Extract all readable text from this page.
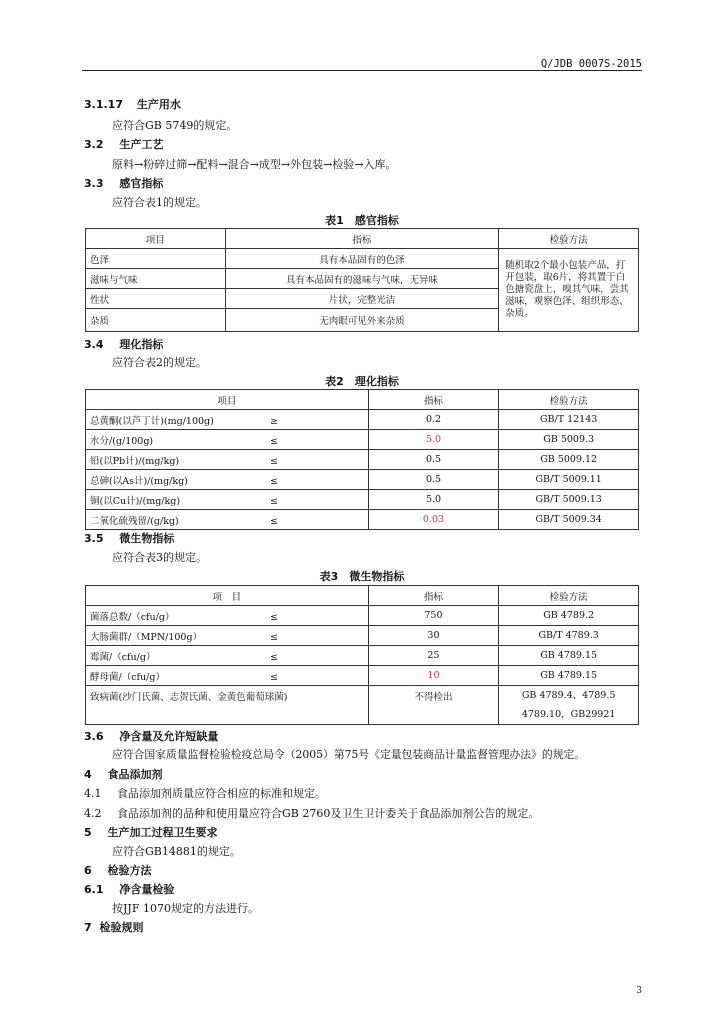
Q/JDB 0007S-2015
3.1.17 生产用水
应符合GB 5749的规定。
3.2 生产工艺
原料→粉碎过筛→配料→混合→成型→外包装→检验→入库。
3.3 感官指标
应符合表1的规定。
表1　感官指标
项目	指标	检验方法
色泽	具有本品固有的色泽	随机取2个最小包装产品，打开包装，取6片，将其置于白色搪瓷盘上，嗅其气味，尝其滋味，观察色泽、组织形态、杂质。
滋味与气味	具有本品固有的滋味与气味，无异味	
性状	片状，完整光洁	
杂质	无肉眼可见外来杂质	
3.4 理化指标
应符合表2的规定。
表2　理化指标
项目	指标	检验方法
总黄酮(以芦丁计)(mg/100g) ≥	0.2	GB/T 12143
水分/(g/100g) ≤	5.0	GB 5009.3
铅(以Pb计)/(mg/kg) ≤	0.5	GB 5009.12
总砷(以As计)/(mg/kg) ≤	0.5	GB/T 5009.11
铜(以Cu计)/(mg/kg) ≤	5.0	GB/T 5009.13
二氧化硫残留/(g/kg) ≤	0.03	GB/T 5009.34
3.5 微生物指标
应符合表3的规定。
表3　微生物指标
项　目	指标	检验方法
菌落总数/（cfu/g） ≤	750	GB 4789.2
大肠菌群/（MPN/100g） ≤	30	GB/T 4789.3
霉菌/（cfu/g） ≤	25	GB 4789.15
酵母菌/（cfu/g） ≤	10	GB 4789.15
致病菌(沙门氏菌、志贺氏菌、金黄色葡萄球菌)	不得检出	GB 4789.4、4789.5
4789.10，GB29921
3.6 净含量及允许短缺量
应符合国家质量监督检验检疫总局令（2005）第75号《定量包装商品计量监督管理办法》的规定。
4 食品添加剂
4.1 食品添加剂质量应符合相应的标准和规定。
4.2 食品添加剂的品种和使用量应符合GB 2760及卫生卫计委关于食品添加剂公告的规定。
5 生产加工过程卫生要求
应符合GB14881的规定。
6 检验方法
6.1 净含量检验
按JJF 1070规定的方法进行。
7 检验规则
3
